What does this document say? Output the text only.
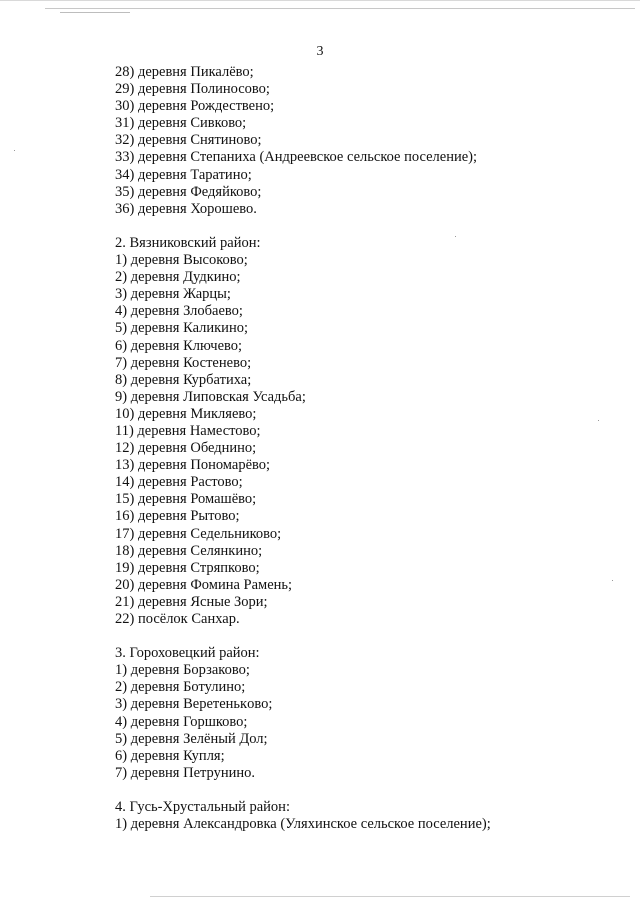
3
28) деревня Пикалёво;
29) деревня Полиносово;
30) деревня Рождествено;
31) деревня Сивково;
32) деревня Снятиново;
33) деревня Степаниха (Андреевское сельское поселение);
34) деревня Таратино;
35) деревня Федяйково;
36) деревня Хорошево.
2. Вязниковский район:
1) деревня Высоково;
2) деревня Дудкино;
3) деревня Жарцы;
4) деревня Злобаево;
5) деревня Каликино;
6) деревня Ключево;
7) деревня Костенево;
8) деревня Курбатиха;
9) деревня Липовская Усадьба;
10) деревня Микляево;
11) деревня Наместово;
12) деревня Обеднино;
13) деревня Пономарёво;
14) деревня Растово;
15) деревня Ромашёво;
16) деревня Рытово;
17) деревня Седельниково;
18) деревня Селянкино;
19) деревня Стряпково;
20) деревня Фомина Рамень;
21) деревня Ясные Зори;
22) посёлок Санхар.
3. Гороховецкий район:
1) деревня Борзаково;
2) деревня Ботулино;
3) деревня Веретенькoво;
4) деревня Горшково;
5) деревня Зелёный Дол;
6) деревня Купля;
7) деревня Петрунино.
4. Гусь-Хрустальный район:
1) деревня Александровка (Уляхинское сельское поселение);
